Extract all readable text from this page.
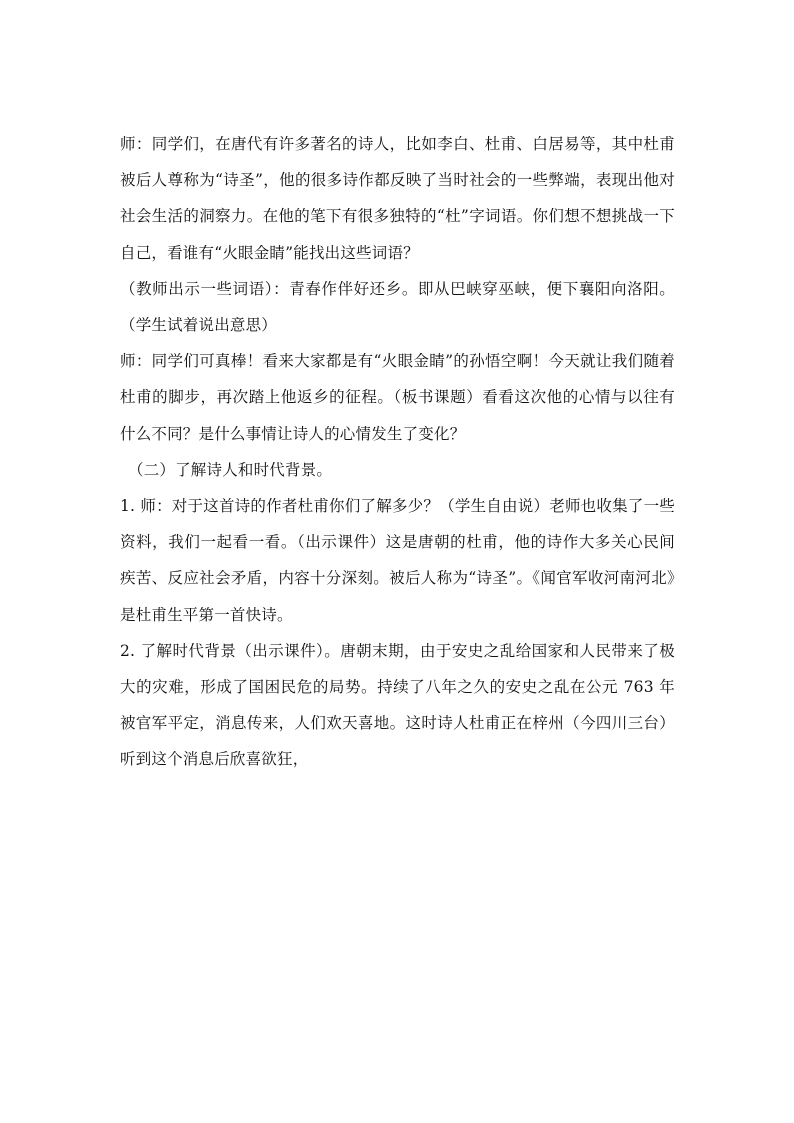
师：同学们，在唐代有许多著名的诗人，比如李白、杜甫、白居易等，其中杜甫被后人尊称为“诗圣”，他的很多诗作都反映了当时社会的一些弊端，表现出他对社会生活的洞察力。在他的笔下有很多独特的“杜”字词语。你们想不想挑战一下自己，看谁有“火眼金睛”能找出这些词语？

（教师出示一些词语）：青春作伴好还乡。即从巴峡穿巫峡，便下襄阳向洛阳。（学生试着说出意思）

师：同学们可真棒！看来大家都是有“火眼金睛”的孙悟空啊！今天就让我们随着杜甫的脚步，再次踏上他返乡的征程。（板书课题）看看这次他的心情与以往有什么不同？是什么事情让诗人的心情发生了变化？

（二）了解诗人和时代背景。

1. 师：对于这首诗的作者杜甫你们了解多少？（学生自由说）老师也收集了一些资料，我们一起看一看。（出示课件）这是唐朝的杜甫，他的诗作大多关心民间疾苦、反应社会矛盾，内容十分深刻。被后人称为“诗圣”。《闻官军收河南河北》是杜甫生平第一首快诗。

2. 了解时代背景（出示课件）。唐朝末期，由于安史之乱给国家和人民带来了极大的灾难，形成了国困民危的局势。持续了八年之久的安史之乱在公元 763 年被官军平定，消息传来，人们欢天喜地。这时诗人杜甫正在梓州（今四川三台）听到这个消息后欣喜欲狂，
